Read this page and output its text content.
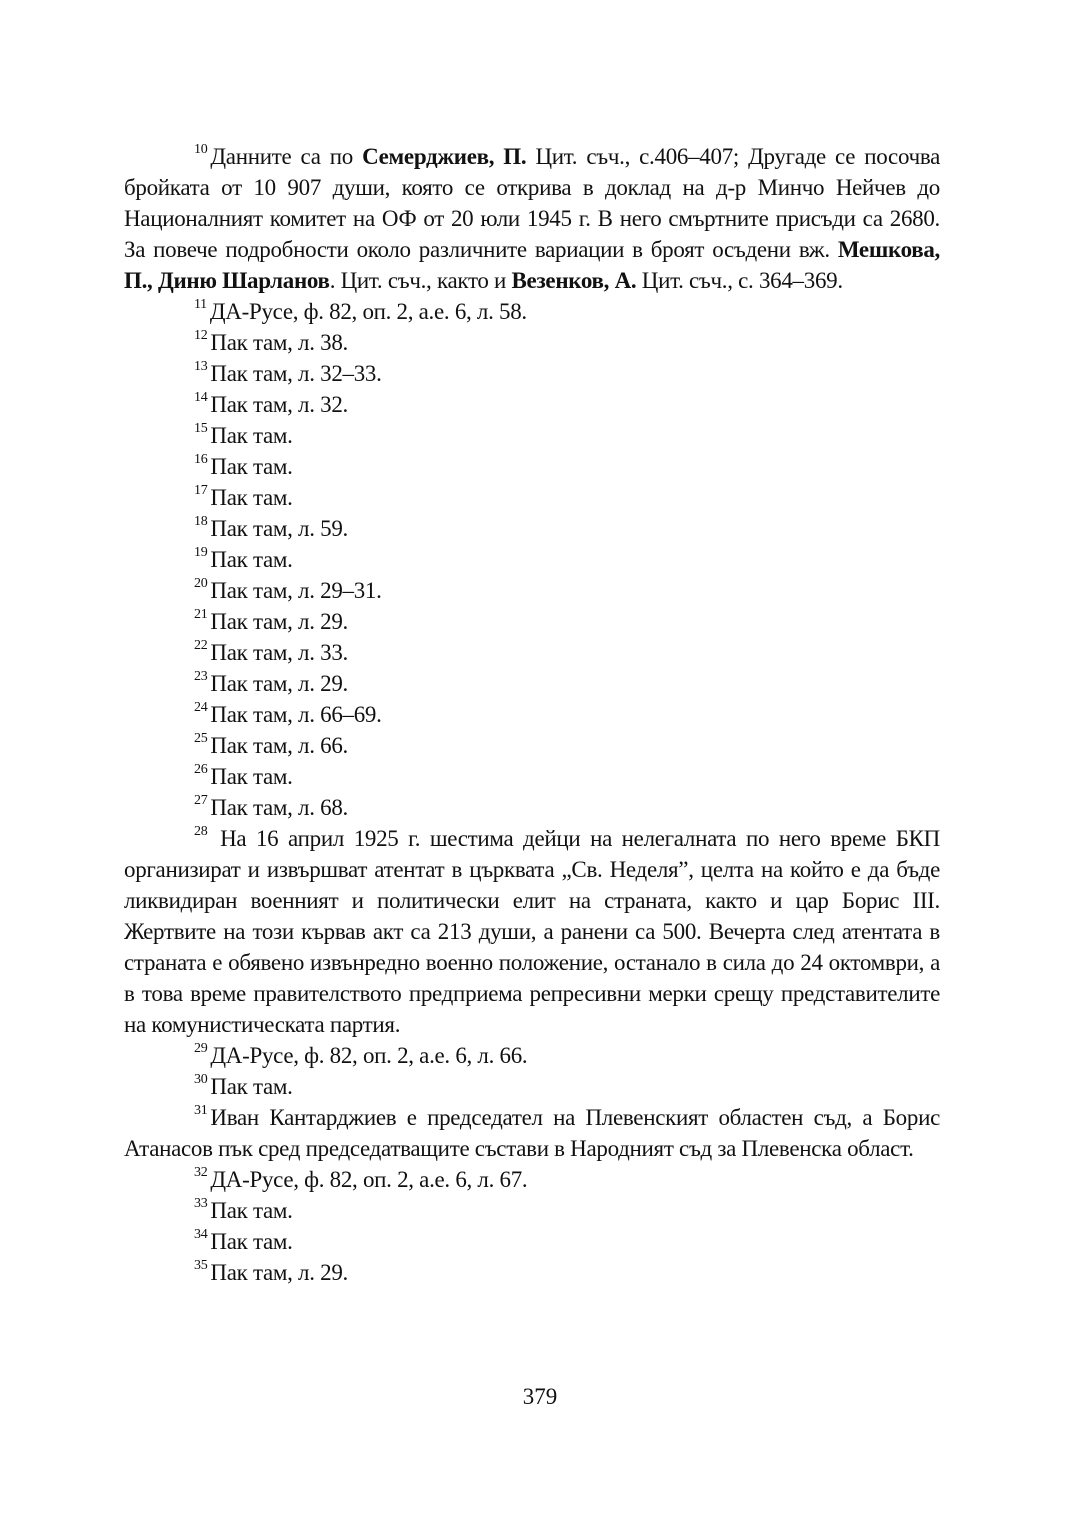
$^{10}$ Данните са по Семерджиев, П. Цит. съч., с.406–407; Другаде се посочва бройката от 10 907 души, която се открива в доклад на д-р Минчо Нейчев до Националният комитет на ОФ от 20 юли 1945 г. В него смъртните присъди са 2680. За повече подробности около различните вариации в броят осъдени вж. Мешкова, П., Диню Шарланов. Цит. съч., както и Везенков, А. Цит. съч., с. 364–369.

$^{11}$ ДА-Русе, ф. 82, оп. 2, а.е. 6, л. 58.

$^{12}$ Пак там, л. 38.

$^{13}$ Пак там, л. 32–33.

$^{14}$ Пак там, л. 32.

$^{15}$ Пак там.

$^{16}$ Пак там.

$^{17}$ Пак там.

$^{18}$ Пак там, л. 59.

$^{19}$ Пак там.

$^{20}$ Пак там, л. 29–31.

$^{21}$ Пак там, л. 29.

$^{22}$ Пак там, л. 33.

$^{23}$ Пак там, л. 29.

$^{24}$ Пак там, л. 66–69.

$^{25}$ Пак там, л. 66.

$^{26}$ Пак там.

$^{27}$ Пак там, л. 68.

$^{28}$ На 16 април 1925 г. шестима дейци на нелегалната по него време БКП организират и извършват атентат в църквата „Св. Неделя”, целта на който е да бъде ликвидиран военният и политически елит на страната, както и цар Борис III. Жертвите на този кървав акт са 213 души, а ранени са 500. Вечерта след атентата в страната е обявено извънредно военно положение, останало в сила до 24 октомври, а в това време правителството предприема репресивни мерки срещу представителите на комунистическата партия.

$^{29}$ ДА-Русе, ф. 82, оп. 2, а.е. 6, л. 66.

$^{30}$ Пак там.

$^{31}$ Иван Кантарджиев е председател на Плевенският областен съд, а Борис Атанасов пък сред председатващите състави в Народният съд за Плевенска област.

$^{32}$ ДА-Русе, ф. 82, оп. 2, а.е. 6, л. 67.

$^{33}$ Пак там.

$^{34}$ Пак там.

$^{35}$ Пак там, л. 29.

379
